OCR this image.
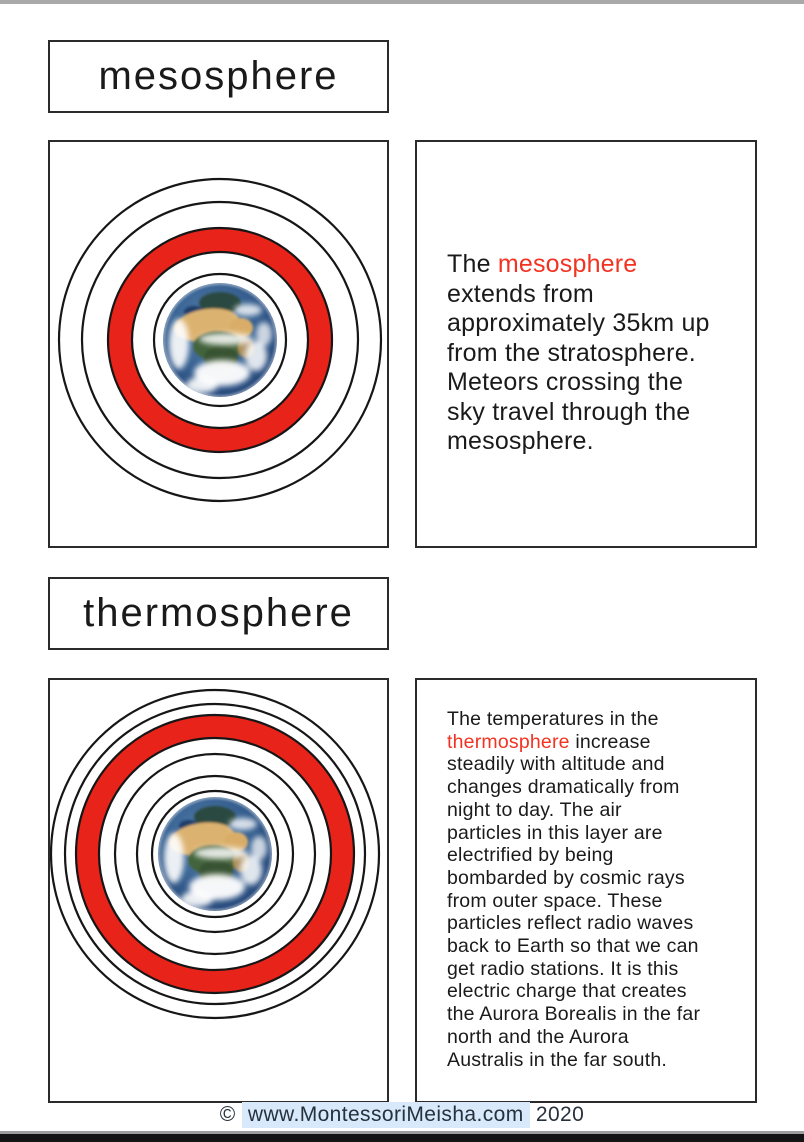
mesosphere
The mesosphere
extends from
approximately 35km up
from the stratosphere.
Meteors crossing the
sky travel through the
mesosphere.
thermosphere
The temperatures in the
thermosphere increase
steadily with altitude and
changes dramatically from
night to day. The air
particles in this layer are
electrified by being
bombarded by cosmic rays
from outer space. These
particles reflect radio waves
back to Earth so that we can
get radio stations. It is this
electric charge that creates
the Aurora Borealis in the far
north and the Aurora
Australis in the far south.
© www.MontessoriMeisha.com 2020
